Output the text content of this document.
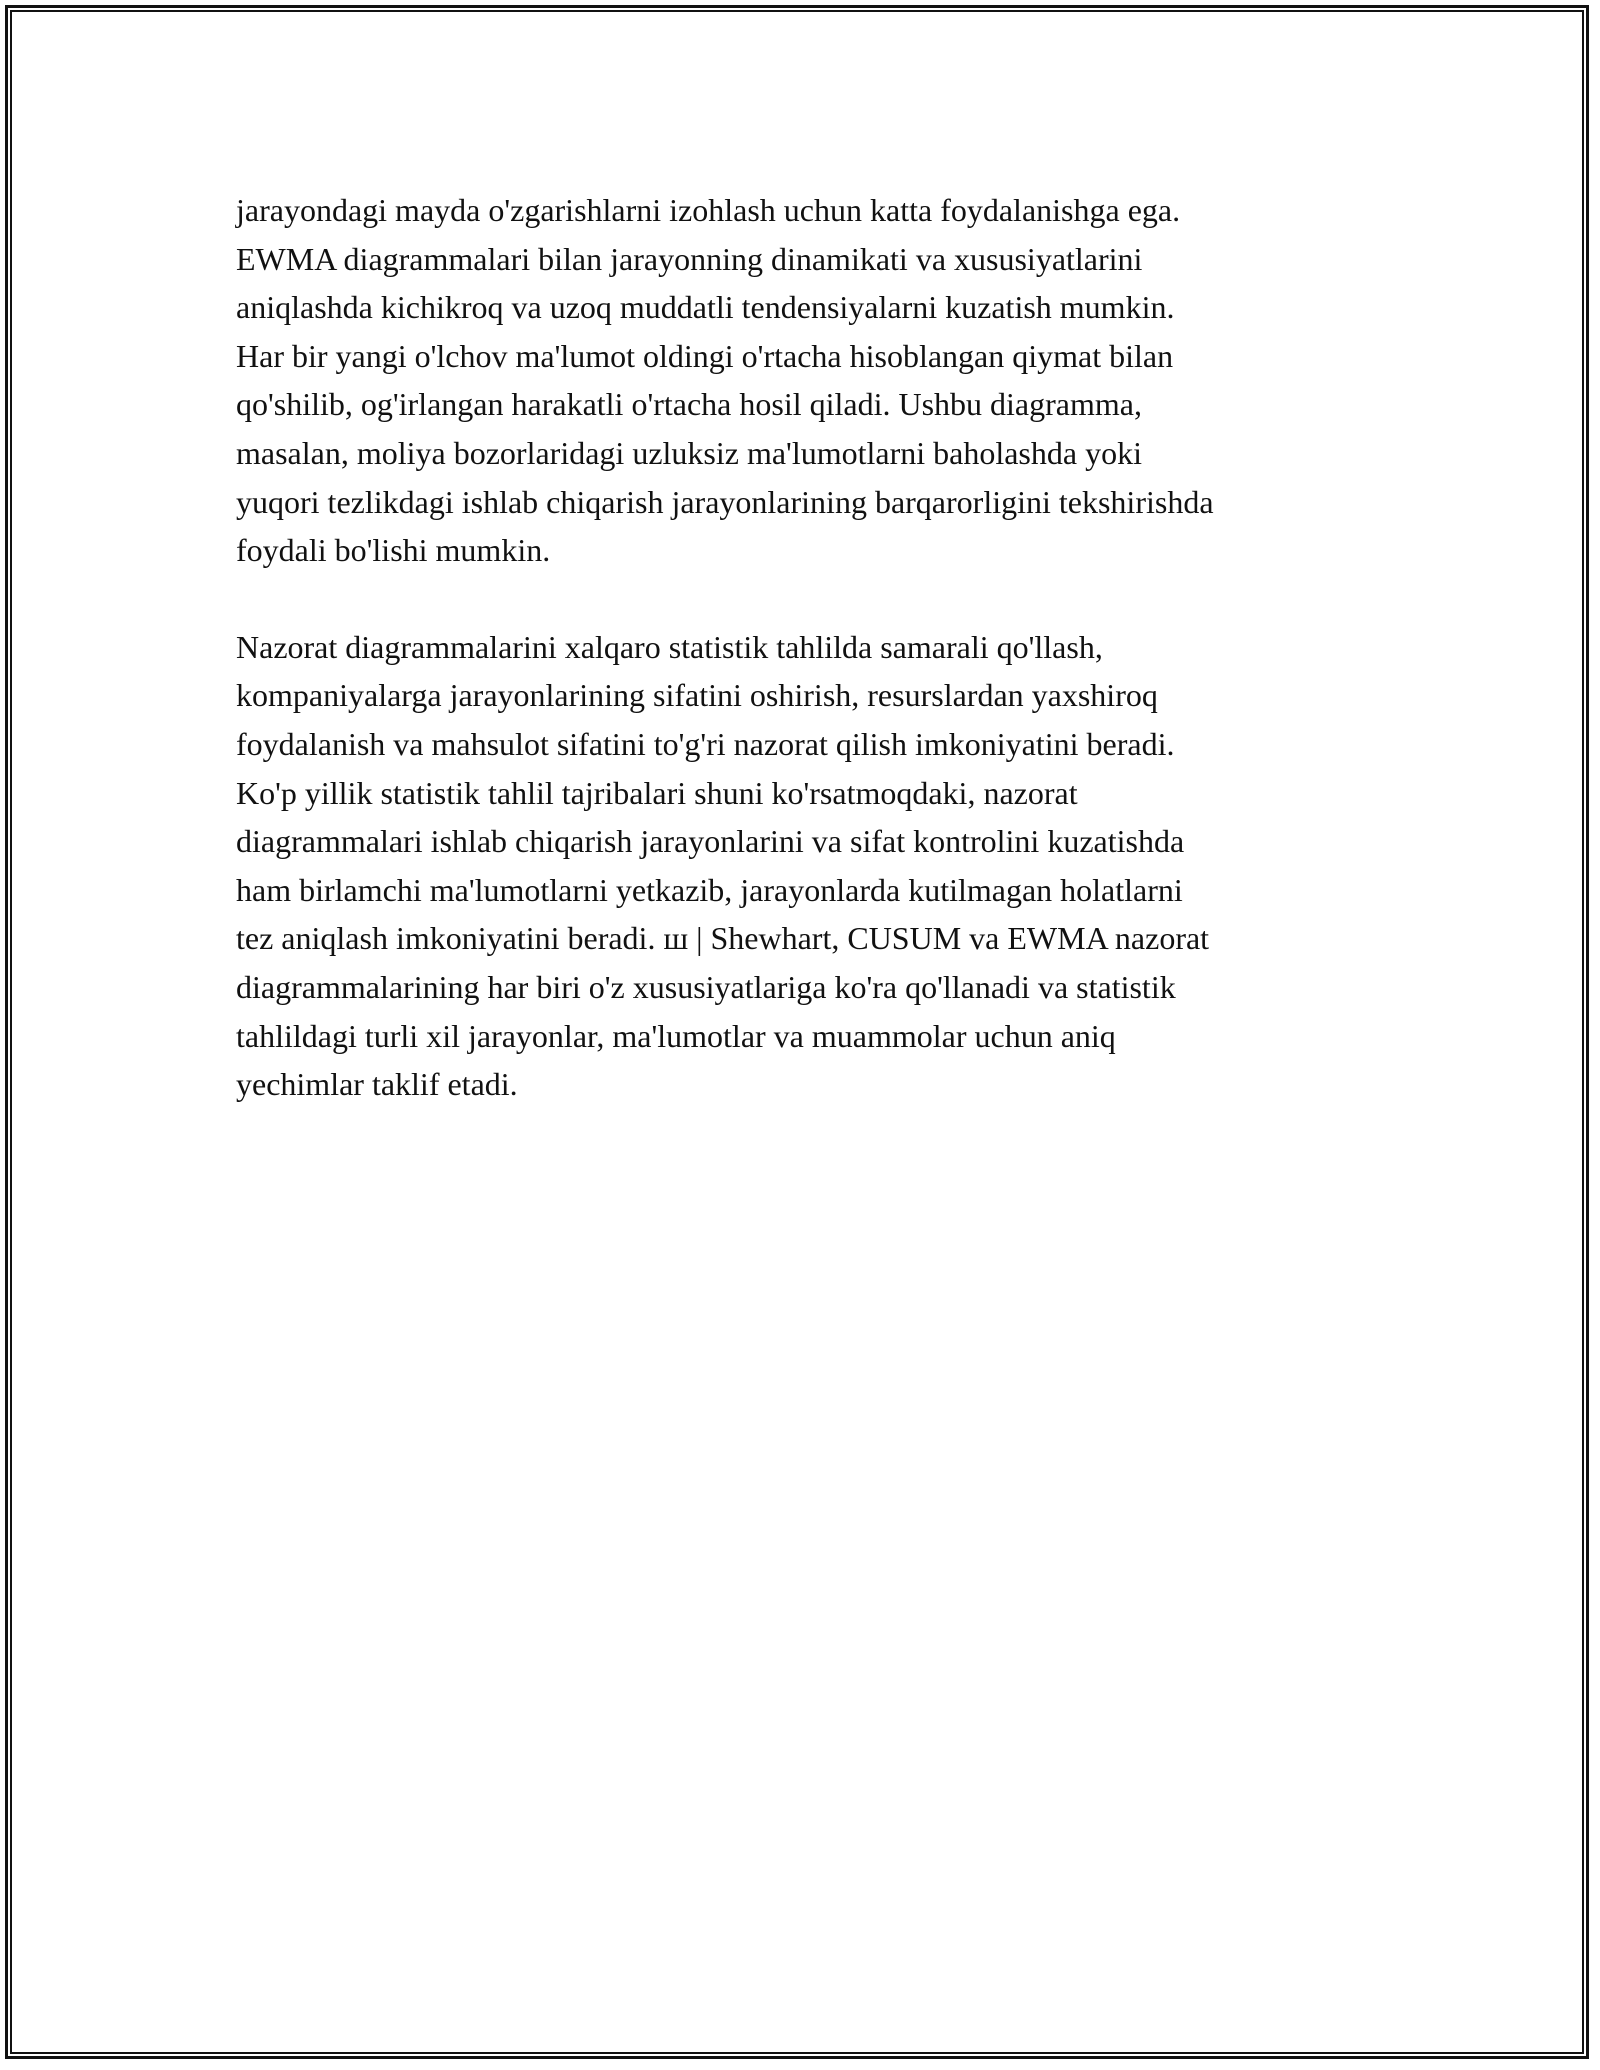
jarayondagi mayda o'zgarishlarni izohlash uchun katta foydalanishga ega.
EWMA diagrammalari bilan jarayonning dinamikati va xususiyatlarini
aniqlashda kichikroq va uzoq muddatli tendensiyalarni kuzatish mumkin.
Har bir yangi o'lchov ma'lumot oldingi o'rtacha hisoblangan qiymat bilan
qo'shilib, og'irlangan harakatli o'rtacha hosil qiladi. Ushbu diagramma,
masalan, moliya bozorlaridagi uzluksiz ma'lumotlarni baholashda yoki
yuqori tezlikdagi ishlab chiqarish jarayonlarining barqarorligini tekshirishda
foydali bo'lishi mumkin.

Nazorat diagrammalarini xalqaro statistik tahlilda samarali qo'llash,
kompaniyalarga jarayonlarining sifatini oshirish, resurslardan yaxshiroq
foydalanish va mahsulot sifatini to'g'ri nazorat qilish imkoniyatini beradi.
Ko'p yillik statistik tahlil tajribalari shuni ko'rsatmoqdaki, nazorat
diagrammalari ishlab chiqarish jarayonlarini va sifat kontrolini kuzatishda
ham birlamchi ma'lumotlarni yetkazib, jarayonlarda kutilmagan holatlarni
tez aniqlash imkoniyatini beradi. ш | Shewhart, CUSUM va EWMA nazorat
diagrammalarining har biri o'z xususiyatlariga ko'ra qo'llanadi va statistik
tahlildagi turli xil jarayonlar, ma'lumotlar va muammolar uchun aniq
yechimlar taklif etadi.
